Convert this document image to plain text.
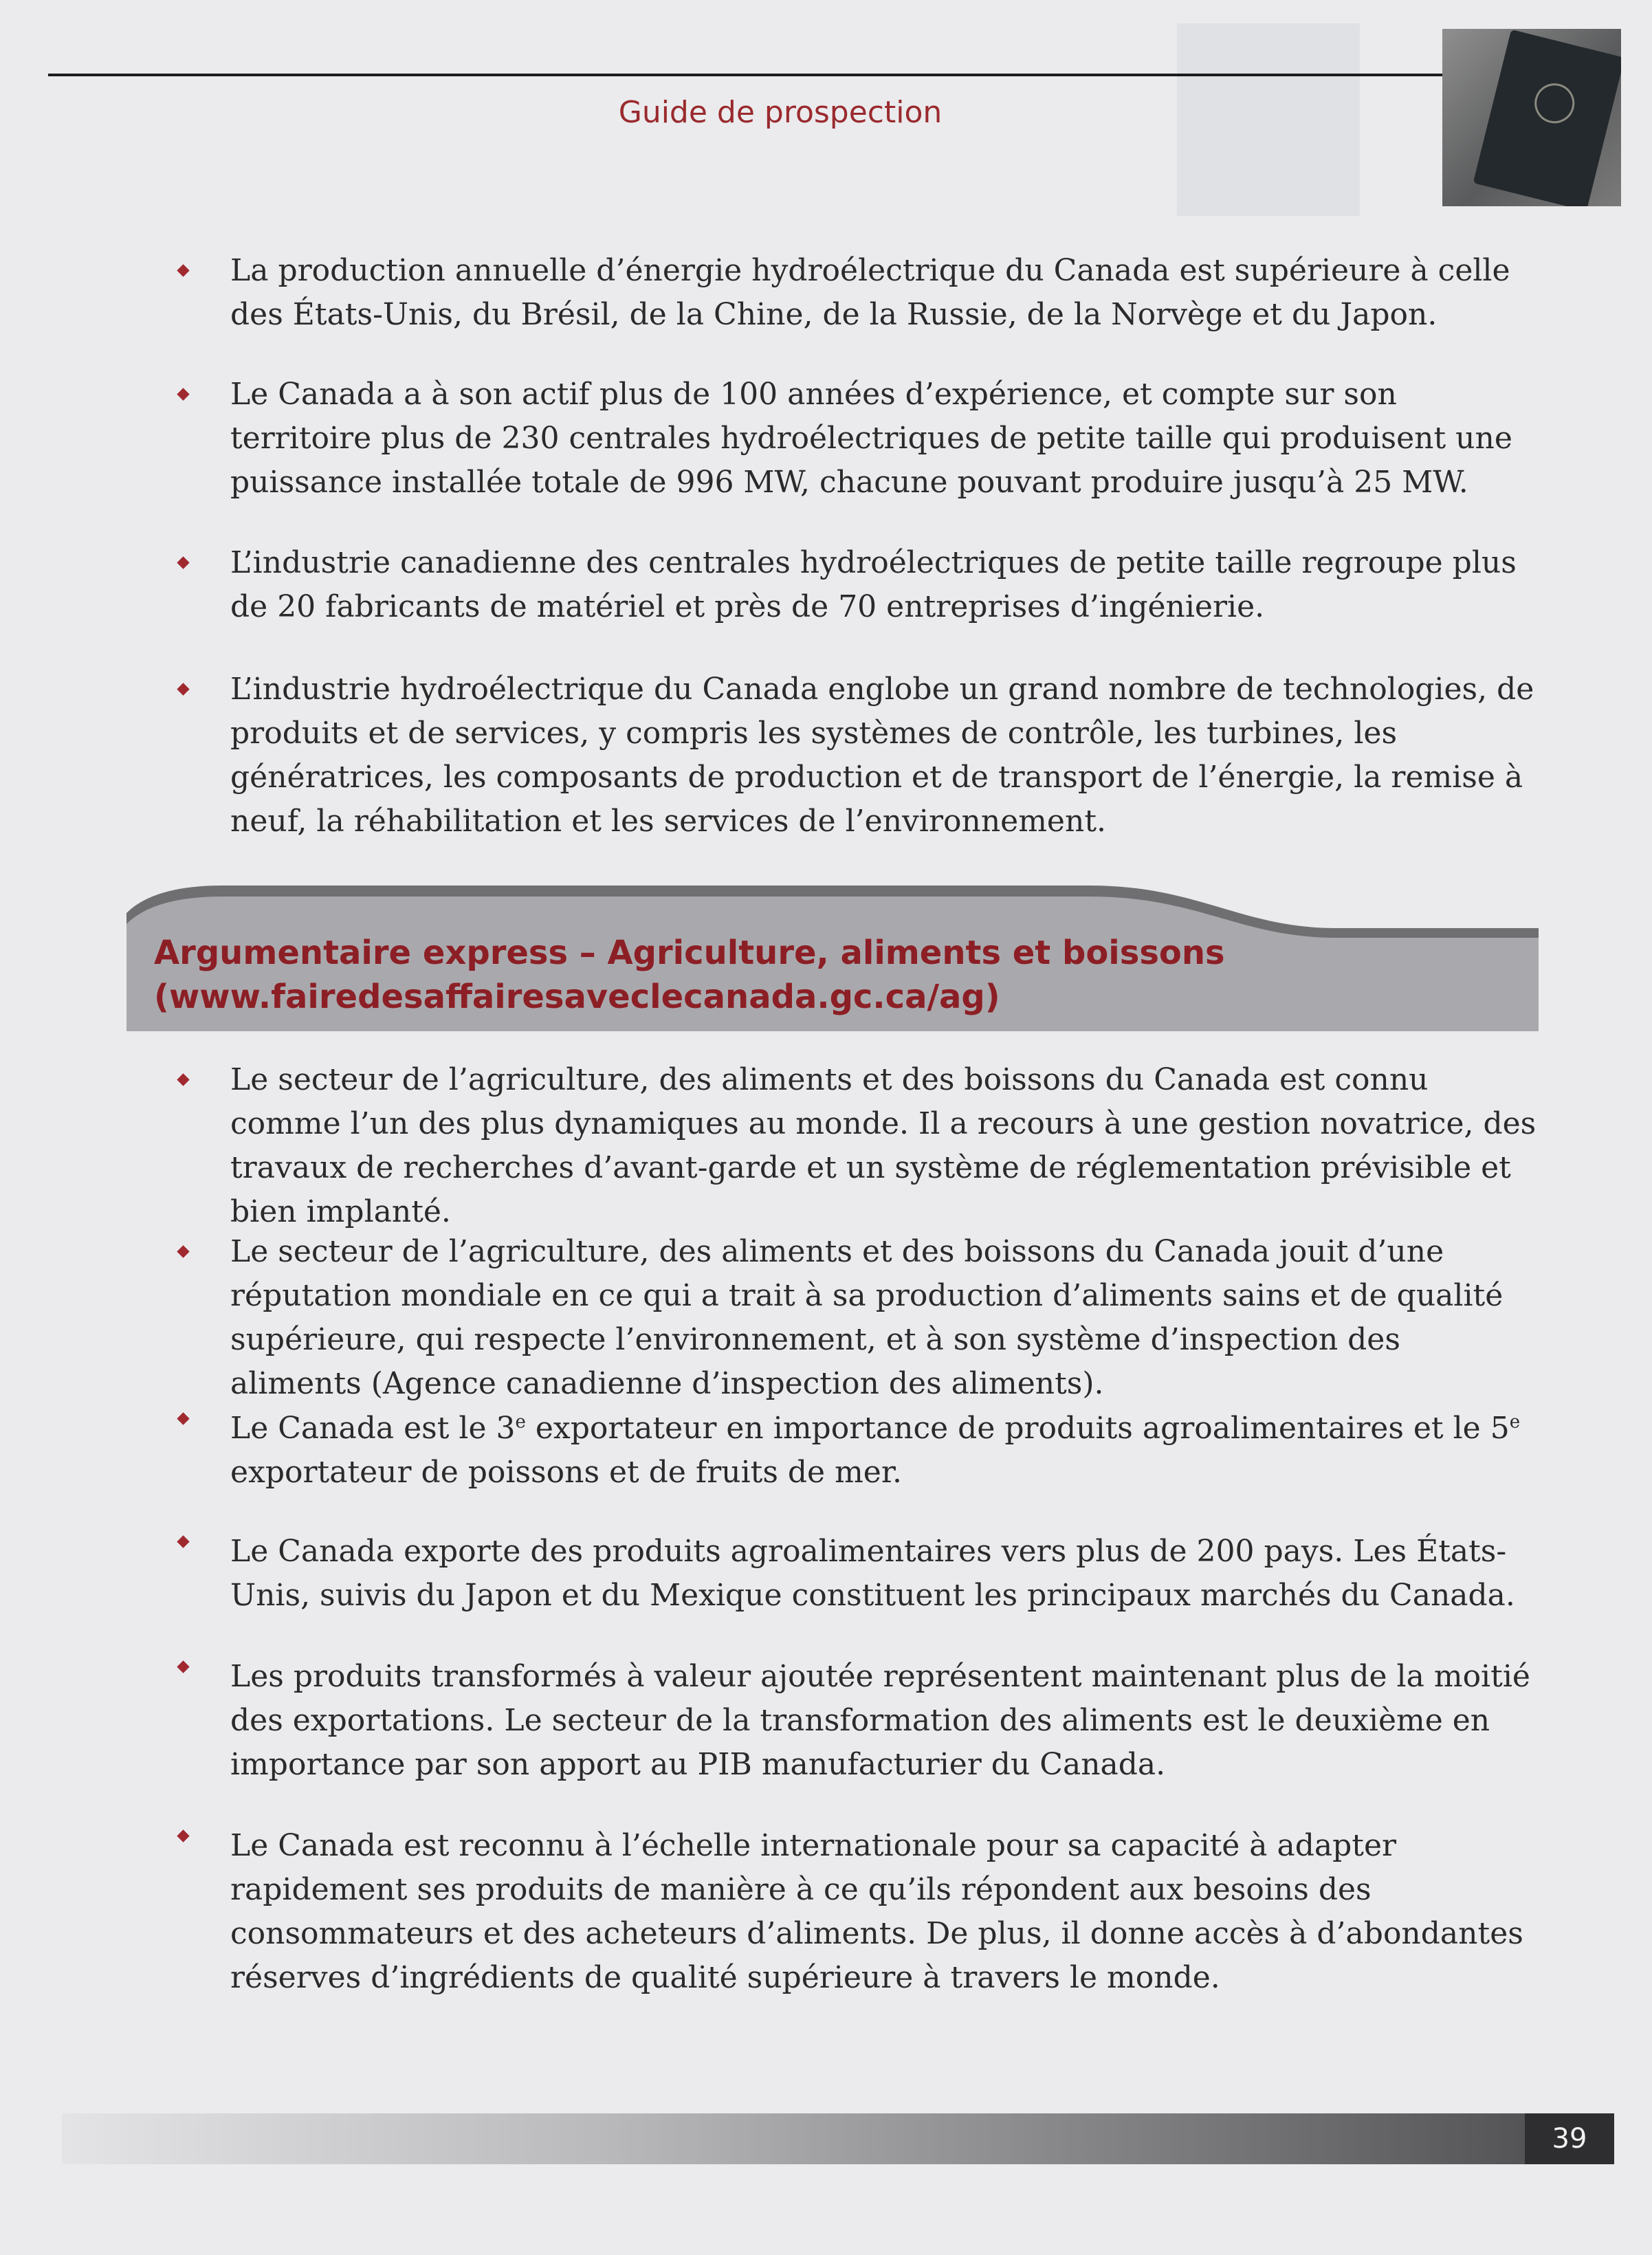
Guide de prospection
La production annuelle d’énergie hydroélectrique du Canada est supérieure à celle des États-Unis, du Brésil, de la Chine, de la Russie, de la Norvège et du Japon.
Le Canada a à son actif plus de 100 années d’expérience, et compte sur son territoire plus de 230 centrales hydroélectriques de petite taille qui produisent une puissance installée totale de 996 MW, chacune pouvant produire jusqu’à 25 MW.
L’industrie canadienne des centrales hydroélectriques de petite taille regroupe plus de 20 fabricants de matériel et près de 70 entreprises d’ingénierie.
L’industrie hydroélectrique du Canada englobe un grand nombre de technologies, de produits et de services, y compris les systèmes de contrôle, les turbines, les génératrices, les composants de production et de transport de l’énergie, la remise à neuf, la réhabilitation et les services de l’environnement.
Argumentaire express – Agriculture, aliments et boissons
(www.fairedesaffairesaveclecanada.gc.ca/ag)
Le secteur de l’agriculture, des aliments et des boissons du Canada est connu comme l’un des plus dynamiques au monde. Il a recours à une gestion novatrice, des travaux de recherches d’avant-garde et un système de réglementation prévisible et bien implanté.
Le secteur de l’agriculture, des aliments et des boissons du Canada jouit d’une réputation mondiale en ce qui a trait à sa production d’aliments sains et de qualité supérieure, qui respecte l’environnement, et à son système d’inspection des aliments (Agence canadienne d’inspection des aliments).
Le Canada est le 3e exportateur en importance de produits agroalimentaires et le 5e exportateur de poissons et de fruits de mer.
Le Canada exporte des produits agroalimentaires vers plus de 200 pays. Les États-Unis, suivis du Japon et du Mexique constituent les principaux marchés du Canada.
Les produits transformés à valeur ajoutée représentent maintenant plus de la moitié des exportations. Le secteur de la transformation des aliments est le deuxième en importance par son apport au PIB manufacturier du Canada.
Le Canada est reconnu à l’échelle internationale pour sa capacité à adapter rapidement ses produits de manière à ce qu’ils répondent aux besoins des consommateurs et des acheteurs d’aliments. De plus, il donne accès à d’abondantes réserves d’ingrédients de qualité supérieure à travers le monde.
39
